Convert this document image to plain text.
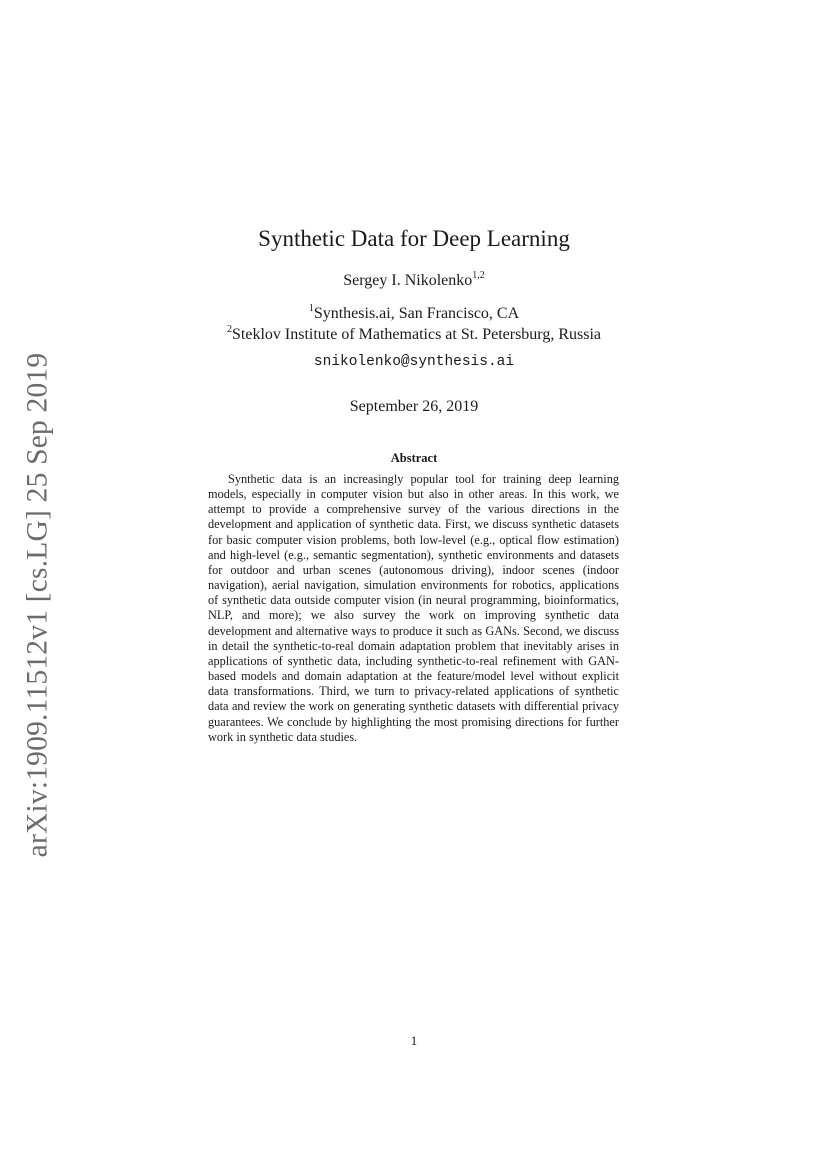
arXiv:1909.11512v1 [cs.LG] 25 Sep 2019
Synthetic Data for Deep Learning
Sergey I. Nikolenko$^{1,2}$
$^1$Synthesis.ai, San Francisco, CA
$^2$Steklov Institute of Mathematics at St. Petersburg, Russia
snikolenko@synthesis.ai
September 26, 2019
Abstract

Synthetic data is an increasingly popular tool for training deep learning models, especially in computer vision but also in other areas. In this work, we attempt to provide a comprehensive survey of the various directions in the development and application of synthetic data. First, we discuss synthetic datasets for basic computer vision problems, both low-level (e.g., optical flow estimation) and high-level (e.g., semantic segmentation), synthetic environments and datasets for outdoor and urban scenes (autonomous driving), indoor scenes (indoor navigation), aerial navigation, simulation environments for robotics, applications of synthetic data outside computer vision (in neural programming, bioinformatics, NLP, and more); we also survey the work on improving synthetic data development and alternative ways to produce it such as GANs. Second, we discuss in detail the synthetic-to-real domain adaptation problem that inevitably arises in applications of synthetic data, including synthetic-to-real refinement with GAN-based models and domain adaptation at the feature/model level without explicit data transformations. Third, we turn to privacy-related applications of synthetic data and review the work on generating synthetic datasets with differential privacy guarantees. We conclude by highlighting the most promising directions for further work in synthetic data studies.

1
